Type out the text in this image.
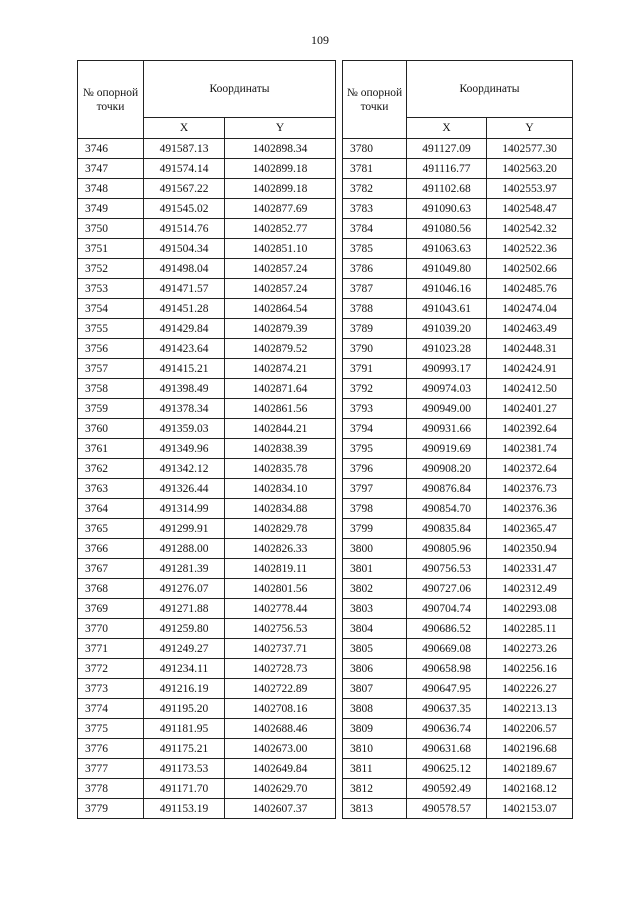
109
№ опорной точки	Координаты	
	X	Y
3746	491587.13	1402898.34
3747	491574.14	1402899.18
3748	491567.22	1402899.18
3749	491545.02	1402877.69
3750	491514.76	1402852.77
3751	491504.34	1402851.10
3752	491498.04	1402857.24
3753	491471.57	1402857.24
3754	491451.28	1402864.54
3755	491429.84	1402879.39
3756	491423.64	1402879.52
3757	491415.21	1402874.21
3758	491398.49	1402871.64
3759	491378.34	1402861.56
3760	491359.03	1402844.21
3761	491349.96	1402838.39
3762	491342.12	1402835.78
3763	491326.44	1402834.10
3764	491314.99	1402834.88
3765	491299.91	1402829.78
3766	491288.00	1402826.33
3767	491281.39	1402819.11
3768	491276.07	1402801.56
3769	491271.88	1402778.44
3770	491259.80	1402756.53
3771	491249.27	1402737.71
3772	491234.11	1402728.73
3773	491216.19	1402722.89
3774	491195.20	1402708.16
3775	491181.95	1402688.46
3776	491175.21	1402673.00
3777	491173.53	1402649.84
3778	491171.70	1402629.70
3779	491153.19	1402607.37
№ опорной точки	Координаты	
	X	Y
3780	491127.09	1402577.30
3781	491116.77	1402563.20
3782	491102.68	1402553.97
3783	491090.63	1402548.47
3784	491080.56	1402542.32
3785	491063.63	1402522.36
3786	491049.80	1402502.66
3787	491046.16	1402485.76
3788	491043.61	1402474.04
3789	491039.20	1402463.49
3790	491023.28	1402448.31
3791	490993.17	1402424.91
3792	490974.03	1402412.50
3793	490949.00	1402401.27
3794	490931.66	1402392.64
3795	490919.69	1402381.74
3796	490908.20	1402372.64
3797	490876.84	1402376.73
3798	490854.70	1402376.36
3799	490835.84	1402365.47
3800	490805.96	1402350.94
3801	490756.53	1402331.47
3802	490727.06	1402312.49
3803	490704.74	1402293.08
3804	490686.52	1402285.11
3805	490669.08	1402273.26
3806	490658.98	1402256.16
3807	490647.95	1402226.27
3808	490637.35	1402213.13
3809	490636.74	1402206.57
3810	490631.68	1402196.68
3811	490625.12	1402189.67
3812	490592.49	1402168.12
3813	490578.57	1402153.07
